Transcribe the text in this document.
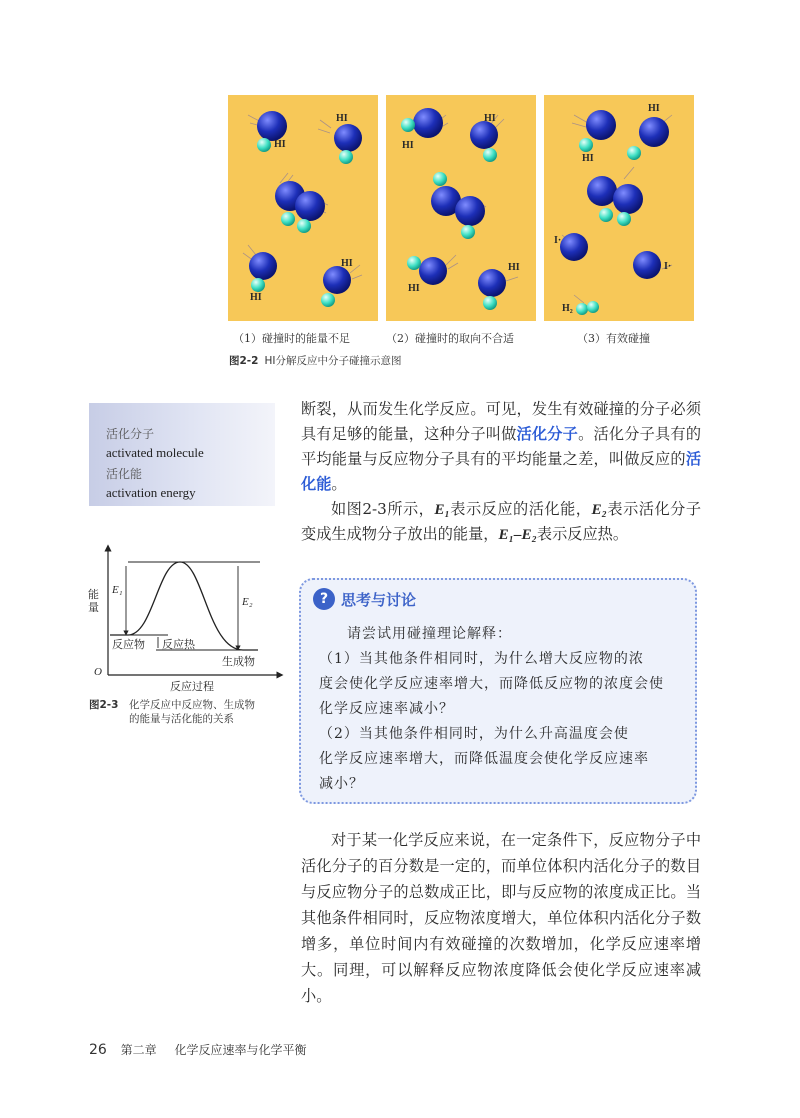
HI
HI
HI
HI
HI
HI
HI
HI
HI
HI
I·
I·
H₂
（1）碰撞时的能量不足	（2）碰撞时的取向不合适	（3）有效碰撞
图2-2 HI分解反应中分子碰撞示意图
活化分子
activated molecule
活化能
activation energy
断裂，从而发生化学反应。可见，发生有效碰撞的分子必须具有足够的能量，这种分子叫做活化分子。活化分子具有的平均能量与反应物分子具有的平均能量之差，叫做反应的活化能。
如图2-3所示，E₁表示反应的活化能，E₂表示活化分子变成生成物分子放出的能量，E₁–E₂表示反应热。
能量
E₁
E₂
反应物 反应热
生成物
O
反应过程
图2-3 化学反应中反应物、生成物
的能量与活化能的关系
? 思考与讨论
请尝试用碰撞理论解释：
（1）当其他条件相同时，为什么增大反应物的浓
度会使化学反应速率增大，而降低反应物的浓度会使
化学反应速率减小？
（2）当其他条件相同时，为什么升高温度会使
化学反应速率增大，而降低温度会使化学反应速率
减小？
对于某一化学反应来说，在一定条件下，反应物分子中活化分子的百分数是一定的，而单位体积内活化分子的数目与反应物分子的总数成正比，即与反应物的浓度成正比。当其他条件相同时，反应物浓度增大，单位体积内活化分子数增多，单位时间内有效碰撞的次数增加，化学反应速率增大。同理，可以解释反应物浓度降低会使化学反应速率减小。
26 第二章 化学反应速率与化学平衡
